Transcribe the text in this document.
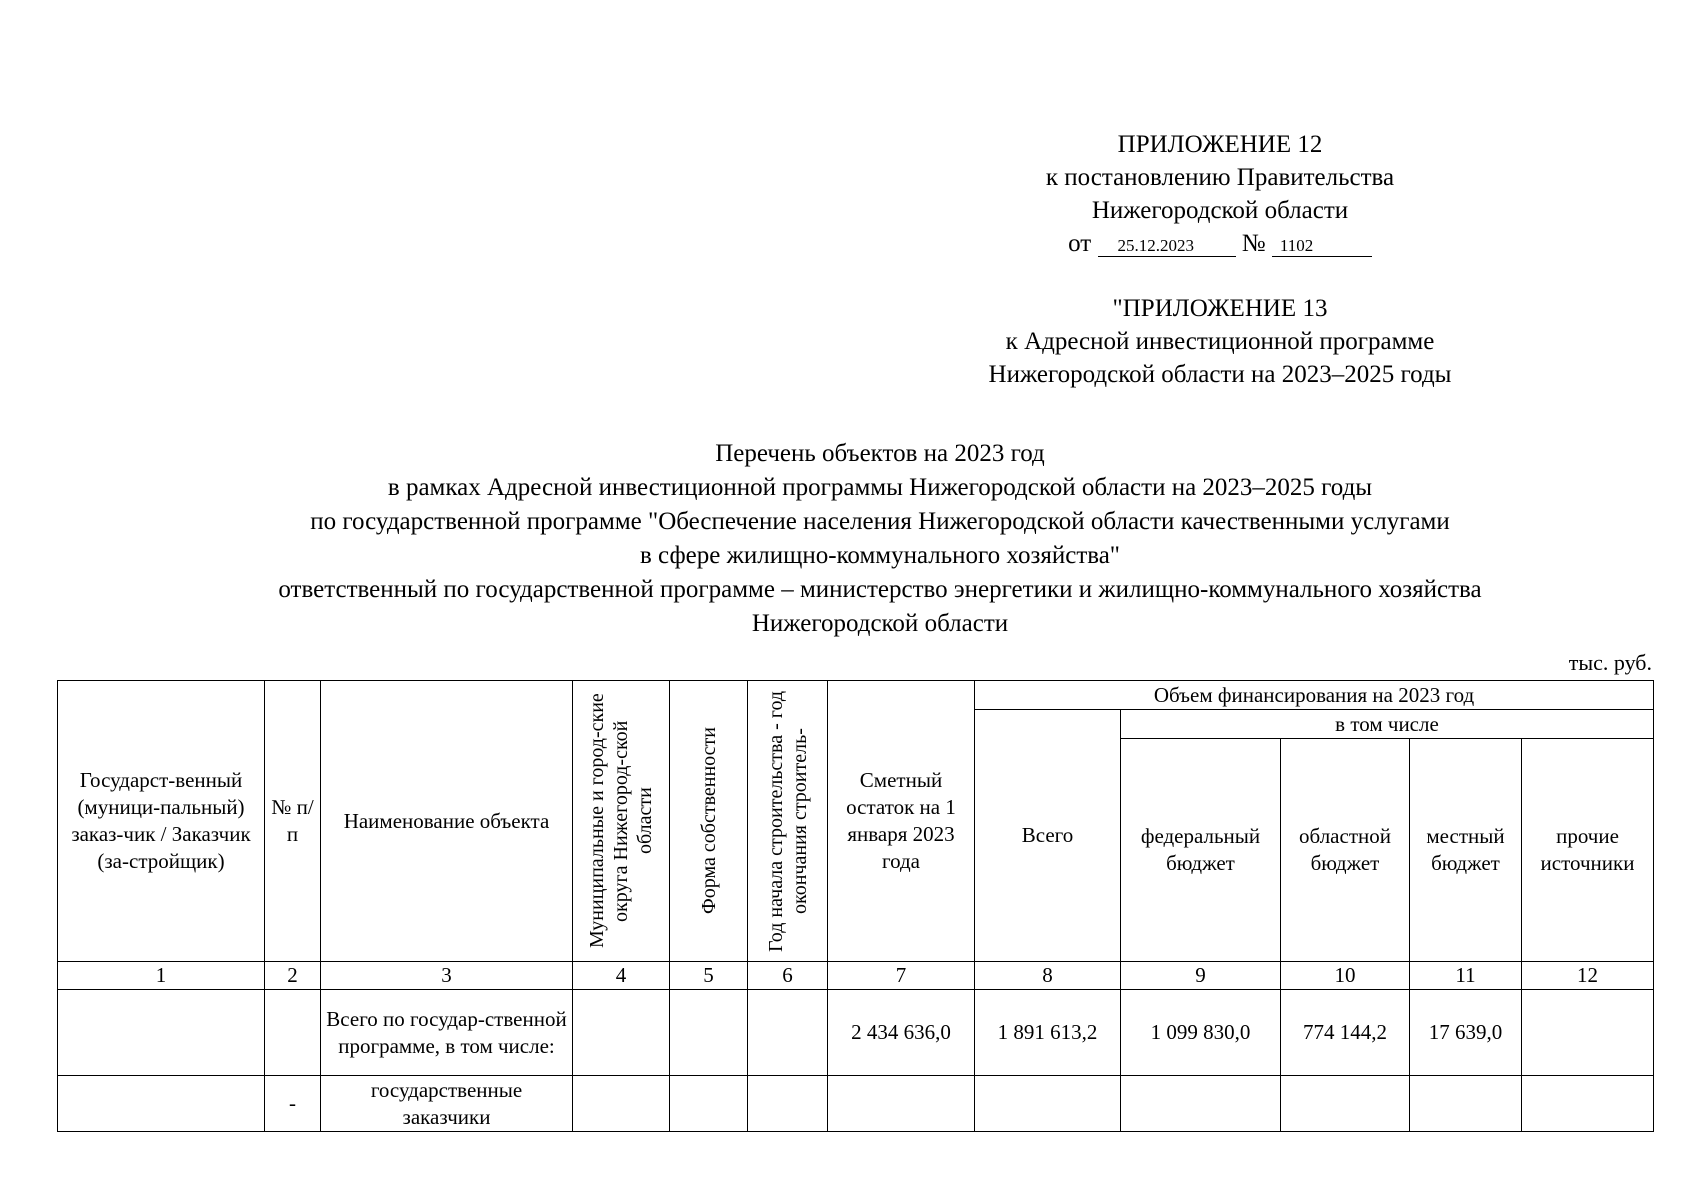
ПРИЛОЖЕНИЕ 12
к постановлению Правительства
Нижегородской области
от 25.12.2023 № 1102
"ПРИЛОЖЕНИЕ 13
к Адресной инвестиционной программе
Нижегородской области на 2023–2025 годы
Перечень объектов на 2023 год
в рамках Адресной инвестиционной программы Нижегородской области на 2023–2025 годы
по государственной программе "Обеспечение населения Нижегородской области качественными услугами
в сфере жилищно-коммунального хозяйства"
ответственный по государственной программе – министерство энергетики и жилищно-коммунального хозяйства
Нижегородской области
тыс. руб.
Государст-венный (муници-пальный) заказ-чик / Заказчик (за-стройщик)	№ п/п	Наименование объекта	Муниципальные и город-ские округа Нижегород-ской области	Форма собственности	Год начала строительства - год окончания строитель-	Сметный остаток на 1 января 2023 года	Объем финансирования на 2023 год				
							Всего	в том числе			
								федеральный бюджет	областной бюджет	местный бюджет	прочие источники
1	2	3	4	5	6	7	8	9	10	11	12
		Всего по государ-ственной программе, в том числе:				2 434 636,0	1 891 613,2	1 099 830,0	774 144,2	17 639,0	
	-	государственные заказчики									
